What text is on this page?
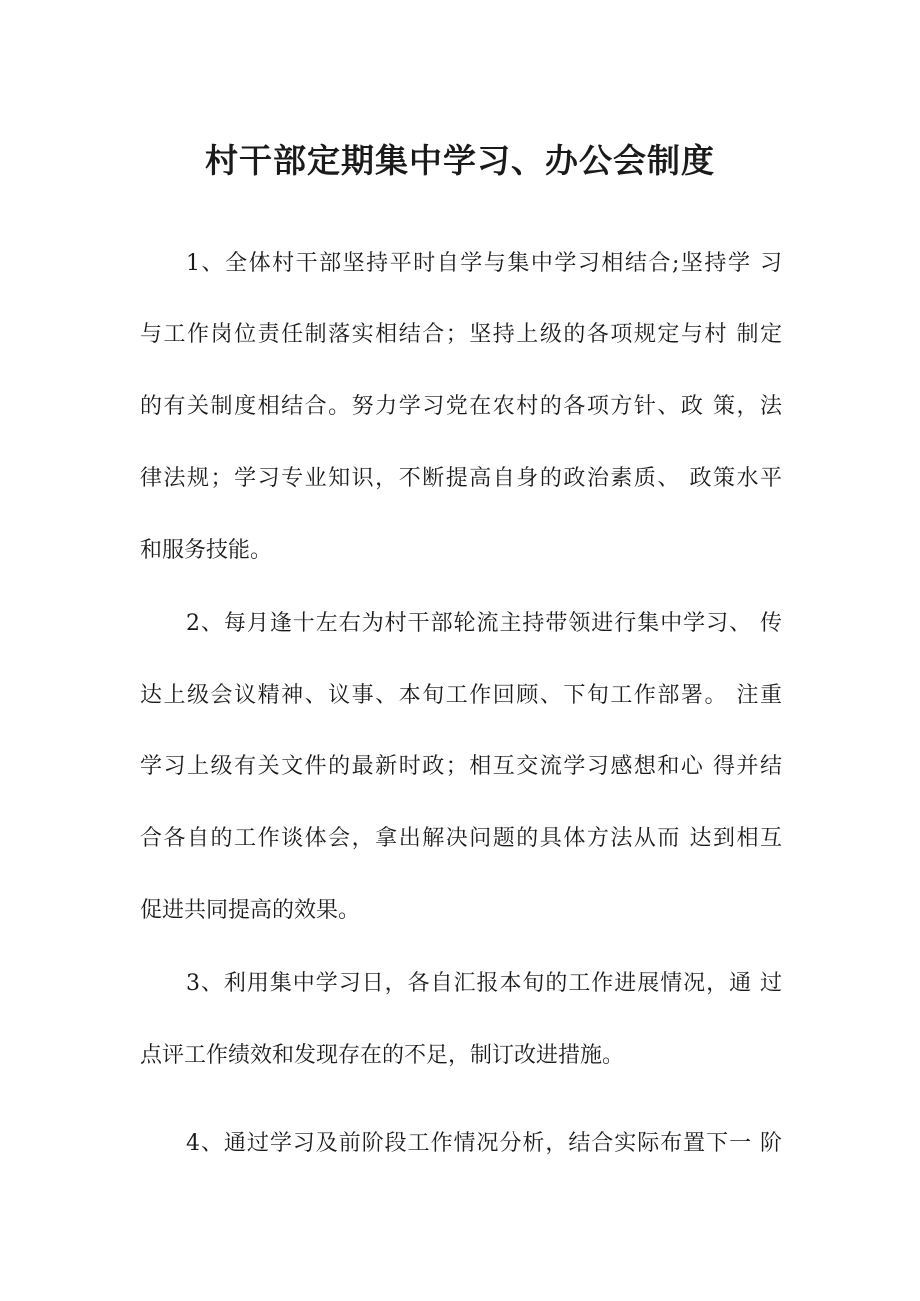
村干部定期集中学习、办公会制度

1、全体村干部坚持平时自学与集中学习相结合;坚持学 习

与工作岗位责任制落实相结合；坚持上级的各项规定与村 制定

的有关制度相结合。努力学习党在农村的各项方针、政 策，法

律法规；学习专业知识，不断提高自身的政治素质、 政策水平

和服务技能。

2、每月逢十左右为村干部轮流主持带领进行集中学习、 传

达上级会议精神、议事、本旬工作回顾、下旬工作部署。 注重

学习上级有关文件的最新时政；相互交流学习感想和心 得并结

合各自的工作谈体会，拿出解决问题的具体方法从而 达到相互

促进共同提高的效果。

3、利用集中学习日，各自汇报本旬的工作进展情况，通 过

点评工作绩效和发现存在的不足，制订改进措施。

4、通过学习及前阶段工作情况分析，结合实际布置下一 阶
